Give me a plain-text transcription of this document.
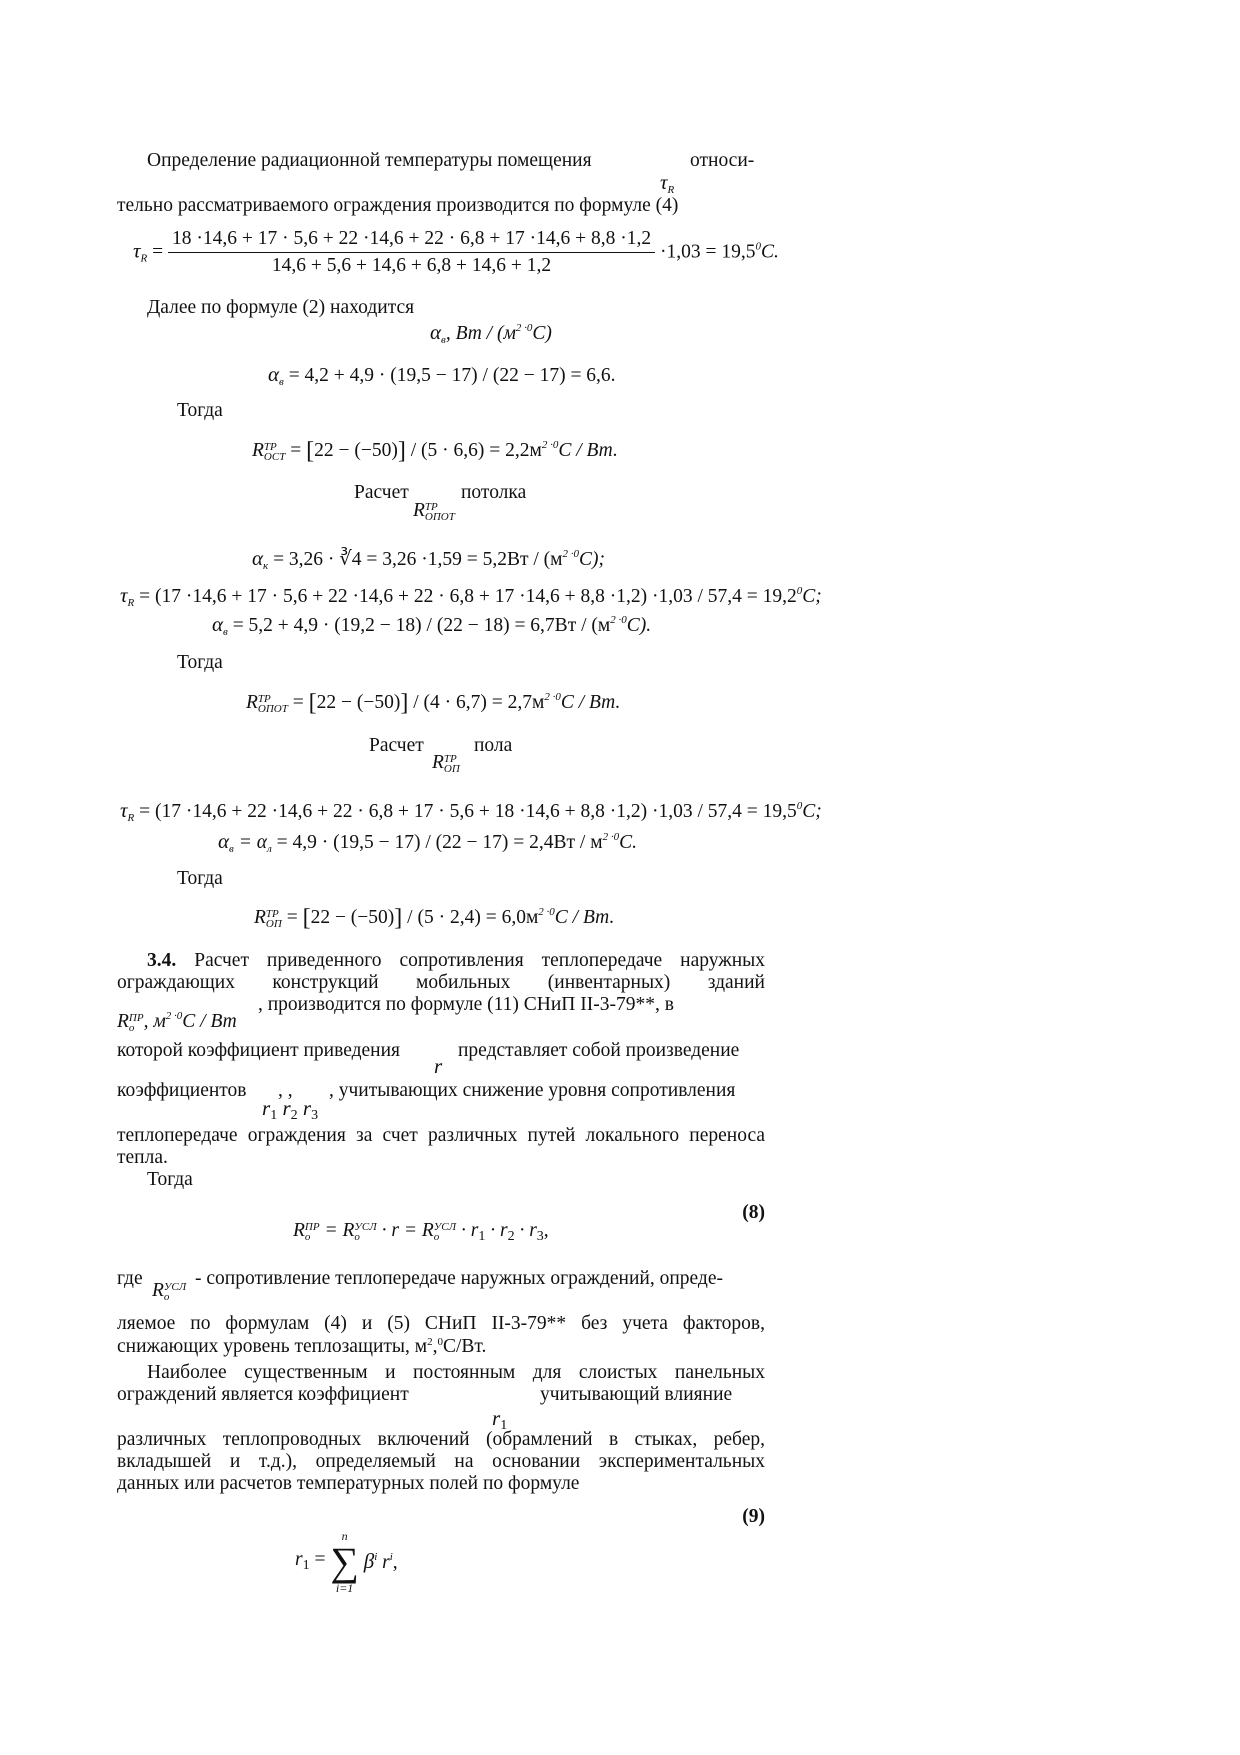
Определение радиационной температуры помещения
$\tau_R$
относи-
тельно рассматриваемого ограждения производится по формуле (4)
$\tau_R$ =
18 ·14,6 + 17 · 5,6 + 22 ·14,6 + 22 · 6,8 + 17 ·14,6 + 8,8 ·1,2
14,6 + 5,6 + 14,6 + 6,8 + 14,6 + 1,2
$\cdot 1,03 = 19,5^0C$.
Далее по формуле (2) находится
$\alpha_в$, Вт / $(м^{2 \cdot 0}C)$
$\alpha_в = 4,2 + 4,9 \cdot (19,5 - 17) / (22 - 17) = 6,6$.
Тогда
R ТР
ОСТ = $[22 - (-50)] / (5 \cdot 6,6) = 2,2м^{2 \cdot 0}C$ / Вт.
Расчет	потолка
R ТР
ОПОТ
$\alpha_к = 3,26$ · ∛4 = $3,26 \cdot 1,59 = 5,2Вт / (м^{2 \cdot 0}C)$;
$\tau_R = (17 \cdot 14,6 + 17 \cdot 5,6 + 22 \cdot 14,6 + 22 \cdot 6,8 + 17 \cdot 14,6 + 8,8 \cdot 1,2) \cdot 1,03 / 57,4 = 19,2^0C$;
$\alpha_в = 5,2 + 4,9 \cdot (19,2 - 18) / (22 - 18) = 6,7Вт / (м^{2 \cdot 0}C)$.
Тогда
R ТР
ОПОТ = $[22 - (-50)] / (4 \cdot 6,7) = 2,7м^{2 \cdot 0}C$ / Вт.
Расчет	пола
R ТР
ОП
$\tau_R = (17 \cdot 14,6 + 22 \cdot 14,6 + 22 \cdot 6,8 + 17 \cdot 5,6 + 18 \cdot 14,6 + 8,8 \cdot 1,2) \cdot 1,03 / 57,4 = 19,5^0C$;
$\alpha_в = \alpha_л = 4,9 \cdot (19,5 - 17) / (22 - 17) = 2,4Вт / м^{2 \cdot 0}C$.
Тогда
R ТР
ОП = $[22 - (-50)] / (5 \cdot 2,4) = 6,0м^{2 \cdot 0}C$ / Вт.
3.4. Расчет приведенного сопротивления теплопередаче наружных
ограждающих конструкций мобильных (инвентарных) зданий
, производится по формуле (11) СНиП II-3-79**, в
R ПР
o , $м^{2 \cdot 0}C$ / Вт
которой коэффициент приведения
r
представляет собой произведение
коэффициентов , ,
$r_1$ $r_2$ $r_3$
, учитывающих снижение уровня сопротивления
теплопередаче ограждения за счет различных путей локального переноса
тепла.
Тогда
(8)
R ПР
o = R УСЛ
o	· r = R УСЛ
o	· $r_1 \cdot r_2 \cdot r_3$,
где
R УСЛ
o
- сопротивление теплопередаче наружных ограждений, опреде-
ляемое по формулам (4) и (5) СНиП II-3-79** без учета факторов,
снижающих уровень теплозащиты, $м^2,^0C/Вт$.
Наиболее существенным и постоянным для слоистых панельных
ограждений является коэффициент
$r_1$
учитывающий влияние
различных теплопроводных включений (обрамлений в стыках, ребер,
вкладышей и т.д.), определяемый на основании экспериментальных
данных или расчетов температурных полей по формуле
(9)
$r_1$ =
n
∑
i=1
$\beta^i$ $r^i$,
